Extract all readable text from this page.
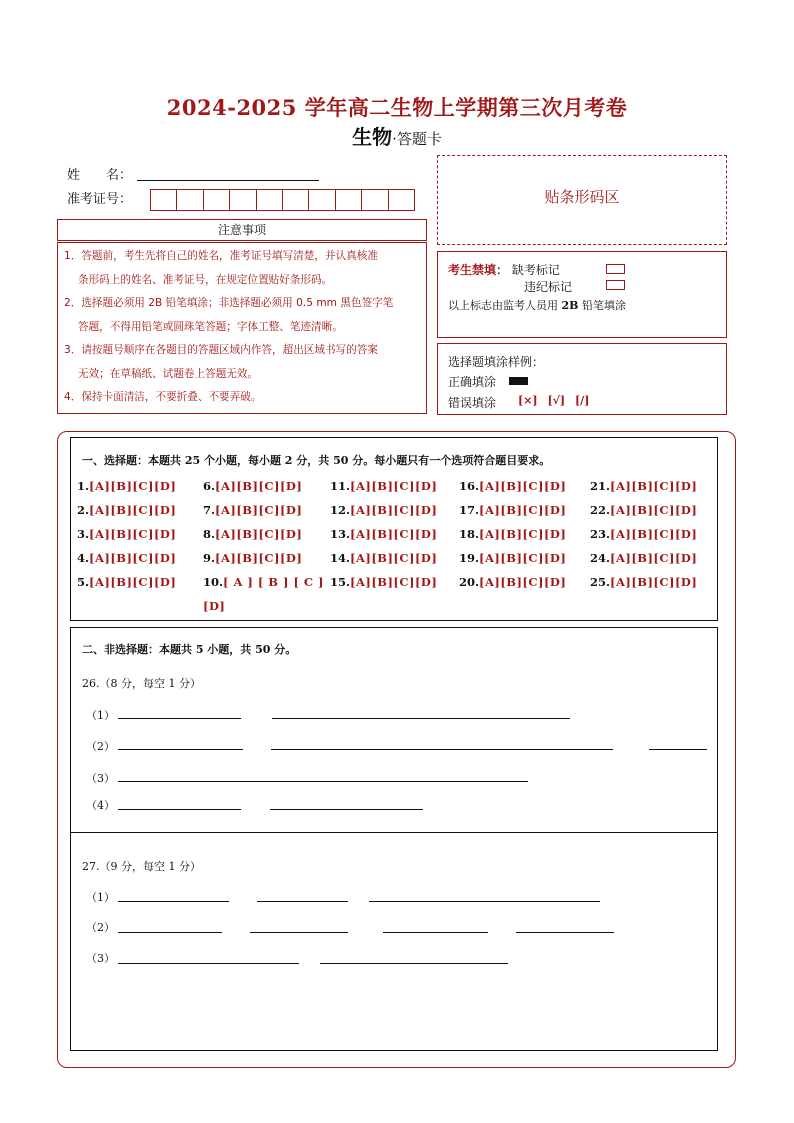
2024-2025 学年高二生物上学期第三次月考卷
生物·答题卡
姓　　名：
准考证号：
注意事项

1．答题前，考生先将自己的姓名，准考证号填写清楚，并认真核准

条形码上的姓名、准考证号，在规定位置贴好条形码。

2．选择题必须用 2B 铅笔填涂；非选择题必须用 0.5 mm 黑色签字笔

答题，不得用铅笔或圆珠笔答题；字体工整、笔迹清晰。

3．请按题号顺序在各题目的答题区域内作答，超出区域书写的答案

无效；在草稿纸、试题卷上答题无效。

4．保持卡面清洁，不要折叠、不要弄破。

贴条形码区
考生禁填： 缺考标记
违纪标记
以上标志由监考人员用 2B 铅笔填涂
选择题填涂样例：
正确填涂
错误填涂 [×] [√] [/]
一、选择题：本题共 25 个小题，每小题 2 分，共 50 分。每小题只有一个选项符合题目要求。
1.[A][B][C][D]
2.[A][B][C][D]
3.[A][B][C][D]
4.[A][B][C][D]
5.[A][B][C][D]
6.[A][B][C][D]
7.[A][B][C][D]
8.[A][B][C][D]
9.[A][B][C][D]
11.[A][B][C][D]
12.[A][B][C][D]
13.[A][B][C][D]
14.[A][B][C][D]
15.[A][B][C][D]
16.[A][B][C][D]
17.[A][B][C][D]
18.[A][B][C][D]
19.[A][B][C][D]
20.[A][B][C][D]
21.[A][B][C][D]
22.[A][B][C][D]
23.[A][B][C][D]
24.[A][B][C][D]
25.[A][B][C][D]
10.[ A ] [ B ] [ C ]
[D]
二、非选择题：本题共 5 小题，共 50 分。
26.（8 分，每空 1 分）
（1）
（2）
（3）
（4）
27.（9 分，每空 1 分）
（1）
（2）
（3）
